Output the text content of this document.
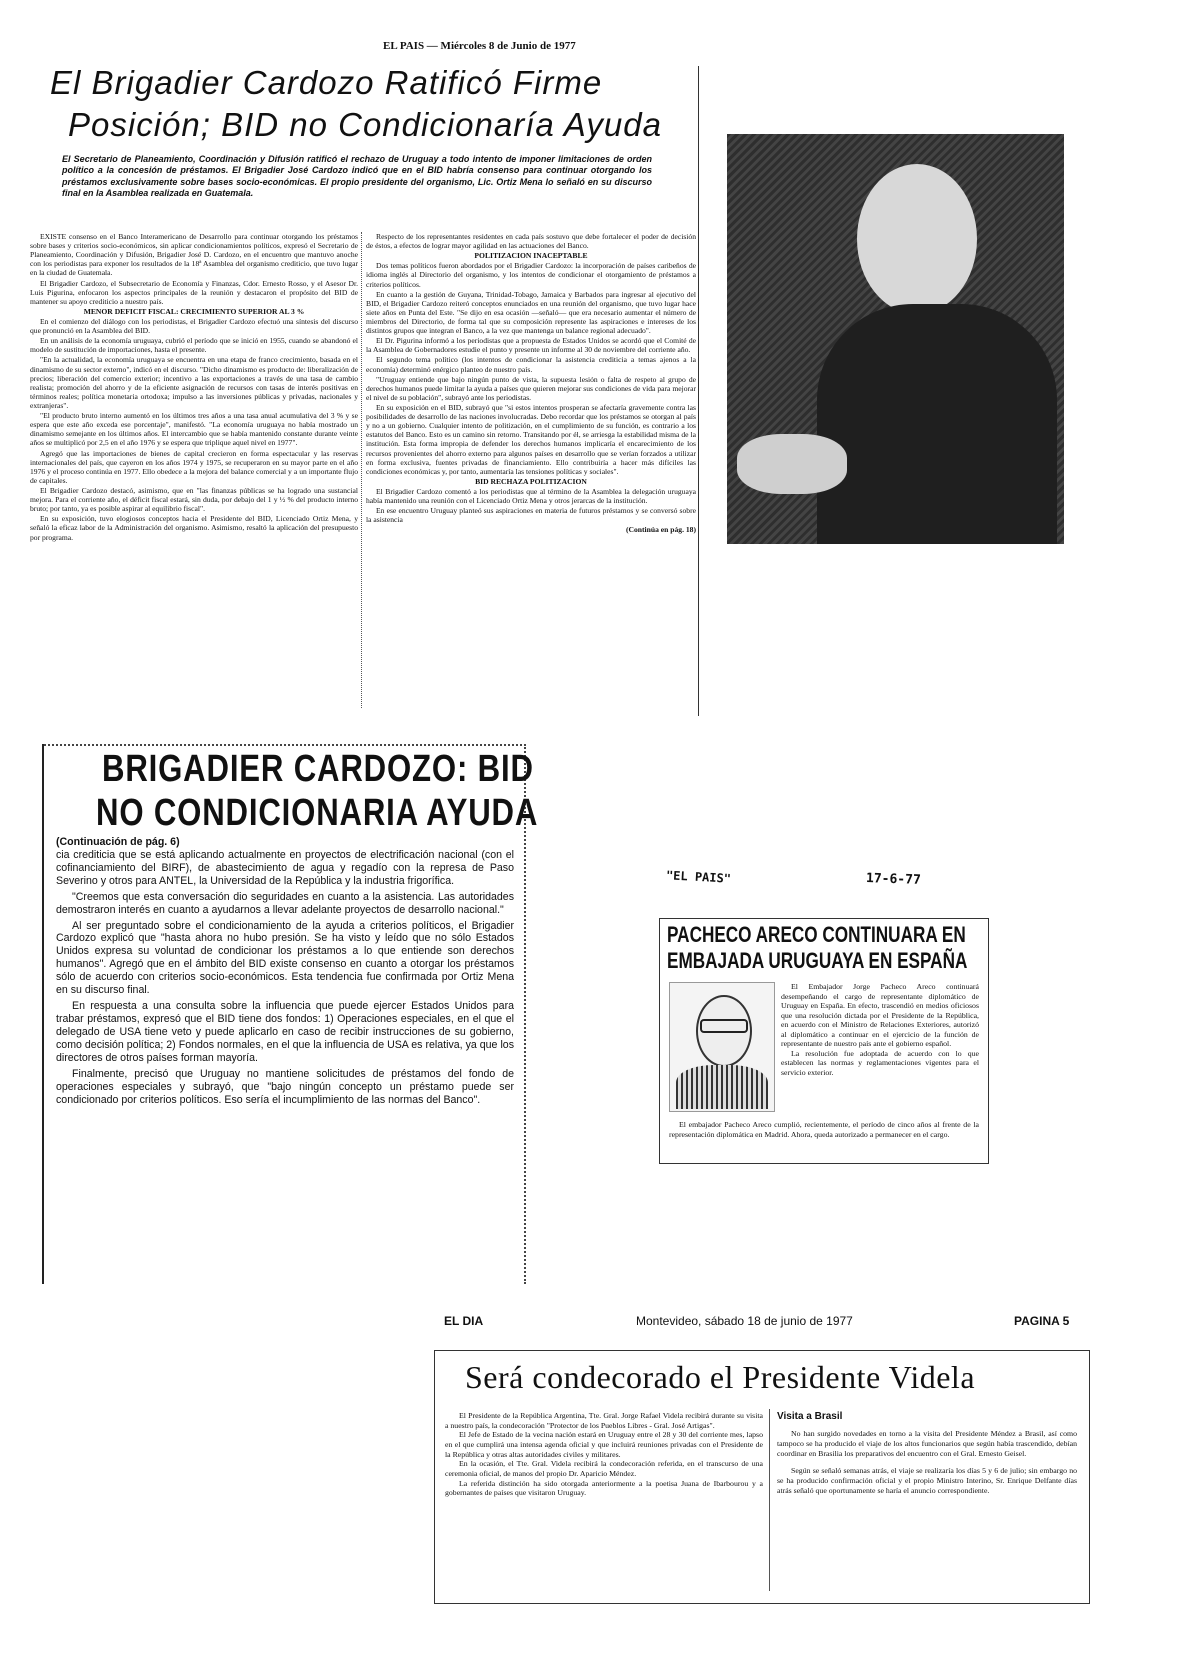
EL PAIS — Miércoles 8 de Junio de 1977
El Brigadier Cardozo Ratificó Firme
Posición; BID no Condicionaría Ayuda
El Secretario de Planeamiento, Coordinación y Difusión ratificó el rechazo de Uruguay a todo intento de imponer limitaciones de orden político a la concesión de préstamos. El Brigadier José Cardozo indicó que en el BID habría consenso para continuar otorgando los préstamos exclusivamente sobre bases socio-económicas. El propio presidente del organismo, Lic. Ortiz Mena lo señaló en su discurso final en la Asamblea realizada en Guatemala.

EXISTE consenso en el Banco Interamericano de Desarrollo para continuar otorgando los préstamos sobre bases y criterios socio-económicos, sin aplicar condicionamientos políticos, expresó el Secretario de Planeamiento, Coordinación y Difusión, Brigadier José D. Cardozo, en el encuentro que mantuvo anoche con los periodistas para exponer los resultados de la 18ª Asamblea del organismo crediticio, que tuvo lugar en la ciudad de Guatemala.

El Brigadier Cardozo, el Subsecretario de Economía y Finanzas, Cdor. Ernesto Rosso, y el Asesor Dr. Luis Pigurina, enfocaron los aspectos principales de la reunión y destacaron el propósito del BID de mantener su apoyo crediticio a nuestro país.

MENOR DEFICIT FISCAL: CRECIMIENTO SUPERIOR AL 3 %

En el comienzo del diálogo con los periodistas, el Brigadier Cardozo efectuó una síntesis del discurso que pronunció en la Asamblea del BID.

En un análisis de la economía uruguaya, cubrió el período que se inició en 1955, cuando se abandonó el modelo de sustitución de importaciones, hasta el presente.

"En la actualidad, la economía uruguaya se encuentra en una etapa de franco crecimiento, basada en el dinamismo de su sector externo", indicó en el discurso. "Dicho dinamismo es producto de: liberalización de precios; liberación del comercio exterior; incentivo a las exportaciones a través de una tasa de cambio realista; promoción del ahorro y de la eficiente asignación de recursos con tasas de interés positivas en términos reales; política monetaria ortodoxa; impulso a las inversiones públicas y privadas, nacionales y extranjeras".

"El producto bruto interno aumentó en los últimos tres años a una tasa anual acumulativa del 3 % y se espera que este año exceda ese porcentaje", manifestó. "La economía uruguaya no había mostrado un dinamismo semejante en los últimos años. El intercambio que se había mantenido constante durante veinte años se multiplicó por 2,5 en el año 1976 y se espera que triplique aquel nivel en 1977".

Agregó que las importaciones de bienes de capital crecieron en forma espectacular y las reservas internacionales del país, que cayeron en los años 1974 y 1975, se recuperaron en su mayor parte en el año 1976 y el proceso continúa en 1977. Ello obedece a la mejora del balance comercial y a un importante flujo de capitales.

El Brigadier Cardozo destacó, asimismo, que en "las finanzas públicas se ha logrado una sustancial mejora. Para el corriente año, el déficit fiscal estará, sin duda, por debajo del 1 y ½ % del producto interno bruto; por tanto, ya es posible aspirar al equilibrio fiscal".

En su exposición, tuvo elogiosos conceptos hacia el Presidente del BID, Licenciado Ortiz Mena, y señaló la eficaz labor de la Administración del organismo. Asimismo, resaltó la aplicación del presupuesto por programa.

Respecto de los representantes residentes en cada país sostuvo que debe fortalecer el poder de decisión de éstos, a efectos de lograr mayor agilidad en las actuaciones del Banco.

POLITIZACION INACEPTABLE

Dos temas políticos fueron abordados por el Brigadier Cardozo: la incorporación de países caribeños de idioma inglés al Directorio del organismo, y los intentos de condicionar el otorgamiento de préstamos a criterios políticos.

En cuanto a la gestión de Guyana, Trinidad-Tobago, Jamaica y Barbados para ingresar al ejecutivo del BID, el Brigadier Cardozo reiteró conceptos enunciados en una reunión del organismo, que tuvo lugar hace siete años en Punta del Este. "Se dijo en esa ocasión —señaló— que era necesario aumentar el número de miembros del Directorio, de forma tal que su composición represente las aspiraciones e intereses de los distintos grupos que integran el Banco, a la vez que mantenga un balance regional adecuado".

El Dr. Pigurina informó a los periodistas que a propuesta de Estados Unidos se acordó que el Comité de la Asamblea de Gobernadores estudie el punto y presente un informe al 30 de noviembre del corriente año.

El segundo tema político (los intentos de condicionar la asistencia crediticia a temas ajenos a la economía) determinó enérgico planteo de nuestro país.

"Uruguay entiende que bajo ningún punto de vista, la supuesta lesión o falta de respeto al grupo de derechos humanos puede limitar la ayuda a países que quieren mejorar sus condiciones de vida para mejorar el nivel de su población", subrayó ante los periodistas.

En su exposición en el BID, subrayó que "si estos intentos prosperan se afectaría gravemente contra las posibilidades de desarrollo de las naciones involucradas. Debo recordar que los préstamos se otorgan al país y no a un gobierno. Cualquier intento de politización, en el cumplimiento de su función, es contrario a los estatutos del Banco. Esto es un camino sin retorno. Transitando por él, se arriesga la estabilidad misma de la institución. Esta forma impropia de defender los derechos humanos implicaría el encarecimiento de los recursos provenientes del ahorro externo para algunos países en desarrollo que se verían forzados a utilizar en forma exclusiva, fuentes privadas de financiamiento. Ello contribuiría a hacer más difíciles las condiciones económicas y, por tanto, aumentaría las tensiones políticas y sociales".

BID RECHAZA POLITIZACION

El Brigadier Cardozo comentó a los periodistas que al término de la Asamblea la delegación uruguaya había mantenido una reunión con el Licenciado Ortiz Mena y otros jerarcas de la institución.

En ese encuentro Uruguay planteó sus aspiraciones en materia de futuros préstamos y se conversó sobre la asistencia

(Continúa en pág. 18)
BRIGADIER CARDOZO: BID
NO CONDICIONARIA AYUDA
(Continuación de pág. 6)
cia crediticia que se está aplicando actualmente en proyectos de electrificación nacional (con el cofinanciamiento del BIRF), de abastecimiento de agua y regadío con la represa de Paso Severino y otros para ANTEL, la Universidad de la República y la industria frigorífica.
"Creemos que esta conversación dio seguridades en cuanto a la asistencia. Las autoridades demostraron interés en cuanto a ayudarnos a llevar adelante proyectos de desarrollo nacional."
Al ser preguntado sobre el condicionamiento de la ayuda a criterios políticos, el Brigadier Cardozo explicó que "hasta ahora no hubo presión. Se ha visto y leído que no sólo Estados Unidos expresa su voluntad de condicionar los préstamos a lo que entiende son derechos humanos". Agregó que en el ámbito del BID existe consenso en cuanto a otorgar los préstamos sólo de acuerdo con criterios socio-económicos. Esta tendencia fue confirmada por Ortiz Mena en su discurso final.
En respuesta a una consulta sobre la influencia que puede ejercer Estados Unidos para trabar préstamos, expresó que el BID tiene dos fondos: 1) Operaciones especiales, en el que el delegado de USA tiene veto y puede aplicarlo en caso de recibir instrucciones de su gobierno, como decisión política; 2) Fondos normales, en el que la influencia de USA es relativa, ya que los directores de otros países forman mayoría.
Finalmente, precisó que Uruguay no mantiene solicitudes de préstamos del fondo de operaciones especiales y subrayó, que "bajo ningún concepto un préstamo puede ser condicionado por criterios políticos. Eso sería el incumplimiento de las normas del Banco".
"EL PAIS"	17-6-77
PACHECO ARECO CONTINUARA EN
EMBAJADA URUGUAYA EN ESPAÑA
El Embajador Jorge Pacheco Areco continuará desempeñando el cargo de representante diplomático de Uruguay en España. En efecto, trascendió en medios oficiosos que una resolución dictada por el Presidente de la República, en acuerdo con el Ministro de Relaciones Exteriores, autorizó al diplomático a continuar en el ejercicio de la función de representante de nuestro país ante el gobierno español.
La resolución fue adoptada de acuerdo con lo que establecen las normas y reglamentaciones vigentes para el servicio exterior.
El embajador Pacheco Areco cumplió, recientemente, el período de cinco años al frente de la representación diplomática en Madrid. Ahora, queda autorizado a permanecer en el cargo.
EL DIA	Montevideo, sábado 18 de junio de 1977	PAGINA 5
Será condecorado el Presidente Videla
El Presidente de la República Argentina, Tte. Gral. Jorge Rafael Videla recibirá durante su visita a nuestro país, la condecoración "Protector de los Pueblos Libres - Gral. José Artigas".
El Jefe de Estado de la vecina nación estará en Uruguay entre el 28 y 30 del corriente mes, lapso en el que cumplirá una intensa agenda oficial y que incluirá reuniones privadas con el Presidente de la República y otras altas autoridades civiles y militares.
En la ocasión, el Tte. Gral. Videla recibirá la condecoración referida, en el transcurso de una ceremonia oficial, de manos del propio Dr. Aparicio Méndez.
La referida distinción ha sido otorgada anteriormente a la poetisa Juana de Ibarbourou y a gobernantes de países que visitaron Uruguay.
Visita a Brasil
No han surgido novedades en torno a la visita del Presidente Méndez a Brasil, así como tampoco se ha producido el viaje de los altos funcionarios que según había trascendido, debían coordinar en Brasilia los preparativos del encuentro con el Gral. Ernesto Geisel.
Según se señaló semanas atrás, el viaje se realizaría los días 5 y 6 de julio; sin embargo no se ha producido confirmación oficial y el propio Ministro Interino, Sr. Enrique Delfante días atrás señaló que oportunamente se haría el anuncio correspondiente.
